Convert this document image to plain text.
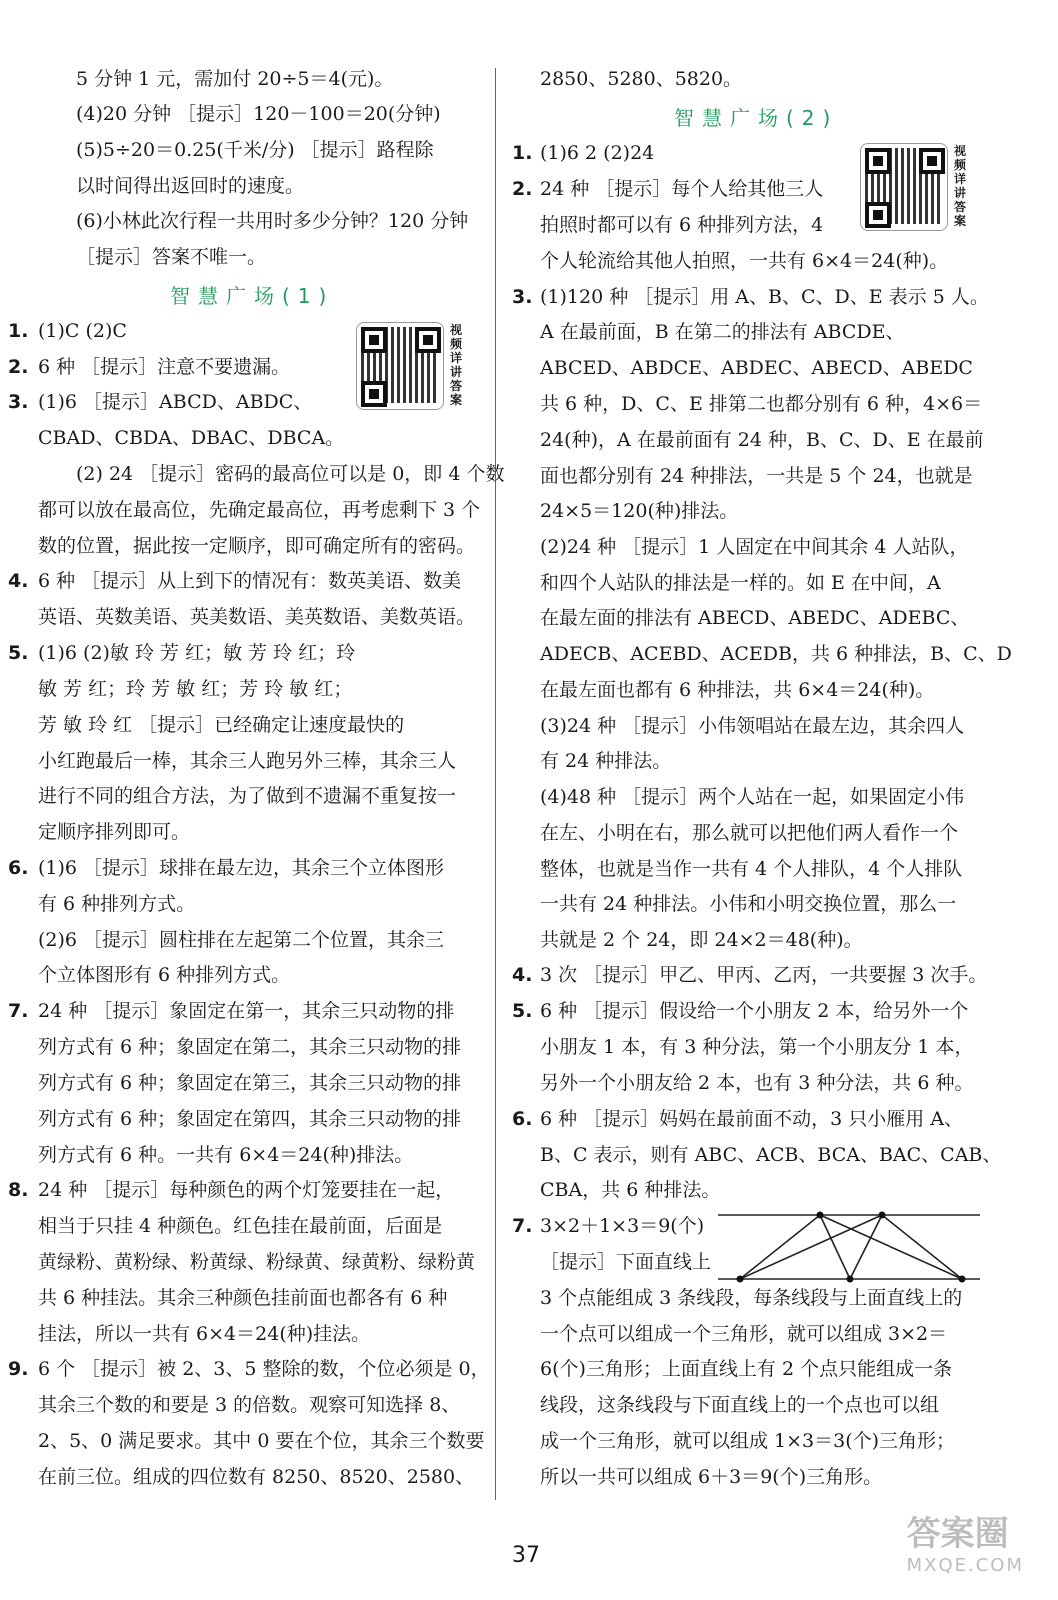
5 分钟 1 元，需加付 20÷5＝4(元)。
(4)20 分钟 ［提示］120－100＝20(分钟)
(5)5÷20＝0.25(千米/分) ［提示］路程除
以时间得出返回时的速度。
(6)小林此次行程一共用时多少分钟？120 分钟
［提示］答案不唯一。
智慧广场(1)
视频详讲答案
1. (1)C (2)C
2. 6 种 ［提示］注意不要遗漏。
3. (1)6 ［提示］ABCD、ABDC、
CBAD、CBDA、DBAC、DBCA。
(2) 24 ［提示］密码的最高位可以是 0，即 4 个数
都可以放在最高位，先确定最高位，再考虑剩下 3 个
数的位置，据此按一定顺序，即可确定所有的密码。
4. 6 种 ［提示］从上到下的情况有：数英美语、数美
英语、英数美语、英美数语、美英数语、美数英语。
5. (1)6 (2)敏 玲 芳 红；敏 芳 玲 红；玲
敏 芳 红；玲 芳 敏 红；芳 玲 敏 红；
芳 敏 玲 红 ［提示］已经确定让速度最快的
小红跑最后一棒，其余三人跑另外三棒，其余三人
进行不同的组合方法，为了做到不遗漏不重复按一
定顺序排列即可。
6. (1)6 ［提示］球排在最左边，其余三个立体图形
有 6 种排列方式。
(2)6 ［提示］圆柱排在左起第二个位置，其余三
个立体图形有 6 种排列方式。
7. 24 种 ［提示］象固定在第一，其余三只动物的排
列方式有 6 种；象固定在第二，其余三只动物的排
列方式有 6 种；象固定在第三，其余三只动物的排
列方式有 6 种；象固定在第四，其余三只动物的排
列方式有 6 种。一共有 6×4＝24(种)排法。
8. 24 种 ［提示］每种颜色的两个灯笼要挂在一起，
相当于只挂 4 种颜色。红色挂在最前面，后面是
黄绿粉、黄粉绿、粉黄绿、粉绿黄、绿黄粉、绿粉黄
共 6 种挂法。其余三种颜色挂前面也都各有 6 种
挂法，所以一共有 6×4＝24(种)挂法。
9. 6 个 ［提示］被 2、3、5 整除的数，个位必须是 0，
其余三个数的和要是 3 的倍数。观察可知选择 8、
2、5、0 满足要求。其中 0 要在个位，其余三个数要
在前三位。组成的四位数有 8250、8520、2580、
2850、5280、5820。
智慧广场(2)
视频详讲答案
1. (1)6 2 (2)24
2. 24 种 ［提示］每个人给其他三人
拍照时都可以有 6 种排列方法，4
个人轮流给其他人拍照，一共有 6×4＝24(种)。
3. (1)120 种 ［提示］用 A、B、C、D、E 表示 5 人。
A 在最前面，B 在第二的排法有 ABCDE、
ABCED、ABDCE、ABDEC、ABECD、ABEDC
共 6 种，D、C、E 排第二也都分别有 6 种，4×6＝
24(种)，A 在最前面有 24 种，B、C、D、E 在最前
面也都分别有 24 种排法，一共是 5 个 24，也就是
24×5＝120(种)排法。
(2)24 种 ［提示］1 人固定在中间其余 4 人站队，
和四个人站队的排法是一样的。如 E 在中间，A
在最左面的排法有 ABECD、ABEDC、ADEBC、
ADECB、ACEBD、ACEDB，共 6 种排法，B、C、D
在最左面也都有 6 种排法，共 6×4＝24(种)。
(3)24 种 ［提示］小伟领唱站在最左边，其余四人
有 24 种排法。
(4)48 种 ［提示］两个人站在一起，如果固定小伟
在左、小明在右，那么就可以把他们两人看作一个
整体，也就是当作一共有 4 个人排队，4 个人排队
一共有 24 种排法。小伟和小明交换位置，那么一
共就是 2 个 24，即 24×2＝48(种)。
4. 3 次 ［提示］甲乙、甲丙、乙丙，一共要握 3 次手。
5. 6 种 ［提示］假设给一个小朋友 2 本，给另外一个
小朋友 1 本，有 3 种分法，第一个小朋友分 1 本，
另外一个小朋友给 2 本，也有 3 种分法，共 6 种。
6. 6 种 ［提示］妈妈在最前面不动，3 只小雁用 A、
B、C 表示，则有 ABC、ACB、BCA、BAC、CAB、
CBA，共 6 种排法。
7. 3×2＋1×3＝9(个)
［提示］下面直线上
3 个点能组成 3 条线段，每条线段与上面直线上的
一个点可以组成一个三角形，就可以组成 3×2＝
6(个)三角形；上面直线上有 2 个点只能组成一条
线段，这条线段与下面直线上的一个点也可以组
成一个三角形，就可以组成 1×3＝3(个)三角形；
所以一共可以组成 6＋3＝9(个)三角形。
37
答案圈
MXQE.COM
